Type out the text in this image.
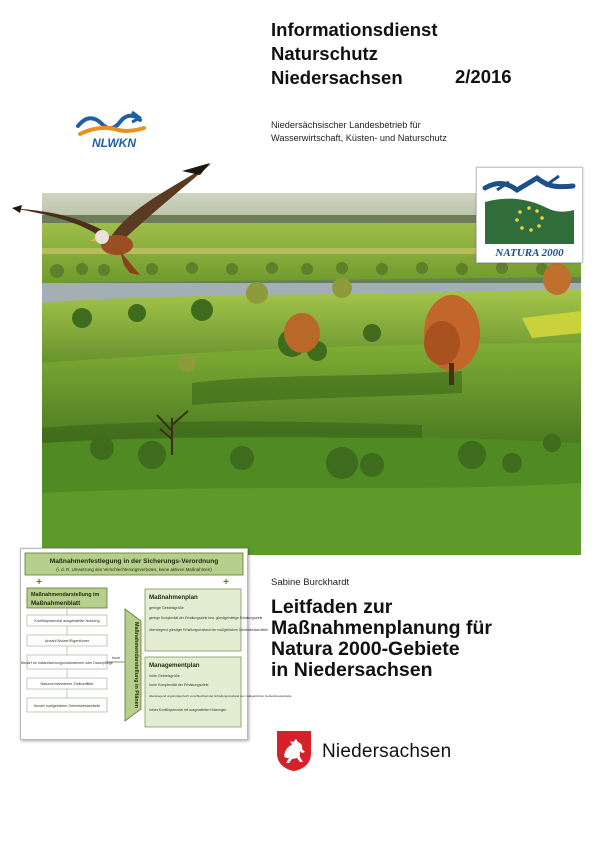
Informationsdienst
Naturschutz
Niedersachsen	2/2016
NLWKN
Niedersächsischer Landesbetrieb für
Wasserwirtschaft, Küsten- und Naturschutz
NATURA 2000
Sabine Burckhardt
Leitfaden zur
Maßnahmenplanung für
Natura 2000-Gebiete
in Niedersachsen
Maßnahmenfestlegung in der Sicherungs-Verordnung
(i. d. R. Umsetzung des Verschlechterungsverbotes, keine aktiven Maßnahmen)
+	+
Maßnahmendarstellung im
Maßnahmenblatt
Konfliktpotenzial ausgewählte Nutzung
Anzahl Nutzer/Eigentümer
Bedarf an Instandsetzungsmaßnahmen oder Dauerpflege
Naturschutzinterne Zielkonflikte
Anzahl maßgeblicher Gebietsbestandteile
hoch Maßnahmendarstellung in Plänen
Maßnahmenplan
geringe Gebietsgröße
geringe Komplexität der Erhaltungsziele bzw. günstige/stetige Erhaltungsziele
überwiegend günstiger Erhaltungszustand der maßgeblichen Gebietsbestandteile
Managementplan
hohe Gebietsgröße
hohe Komplexität der Erhaltungsziele
überwiegend ungünstiger/sich verschlechternder Erhaltungszustand der maßgeblichen Gebietsbestandteile
hohes Konfliktpotenzial mit ausgewählten Nutzungen
Niedersachsen
